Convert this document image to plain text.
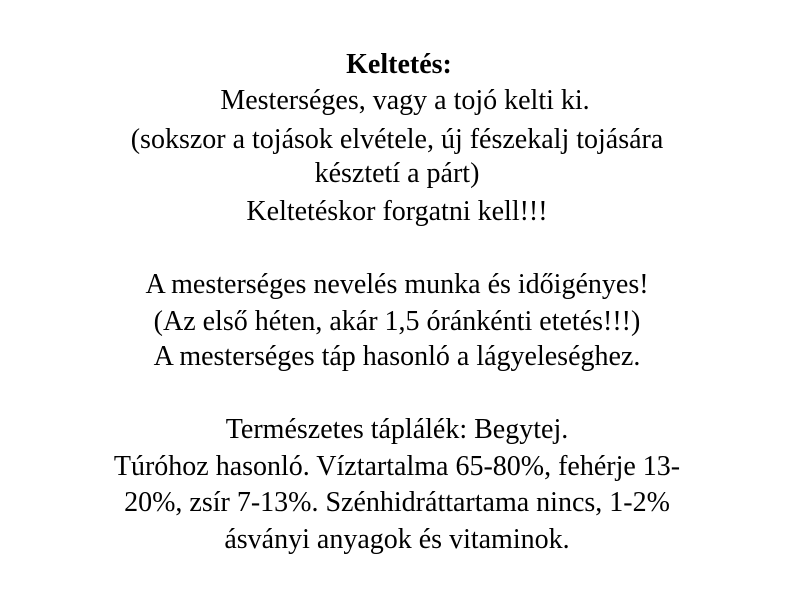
Keltetés:
Mesterséges, vagy a tojó kelti ki.
(sokszor a tojások elvétele, új fészekalj tojására
késztetí a párt)
Keltetéskor forgatni kell!!!
A mesterséges nevelés munka és időigényes!
(Az első héten, akár 1,5 óránkénti etetés!!!)
A mesterséges táp hasonló a lágyeleséghez.
Természetes táplálék: Begytej.
Túróhoz hasonló. Víztartalma 65-80%, fehérje 13-
20%, zsír 7-13%. Szénhidráttartama nincs, 1-2%
ásványi anyagok és vitaminok.
